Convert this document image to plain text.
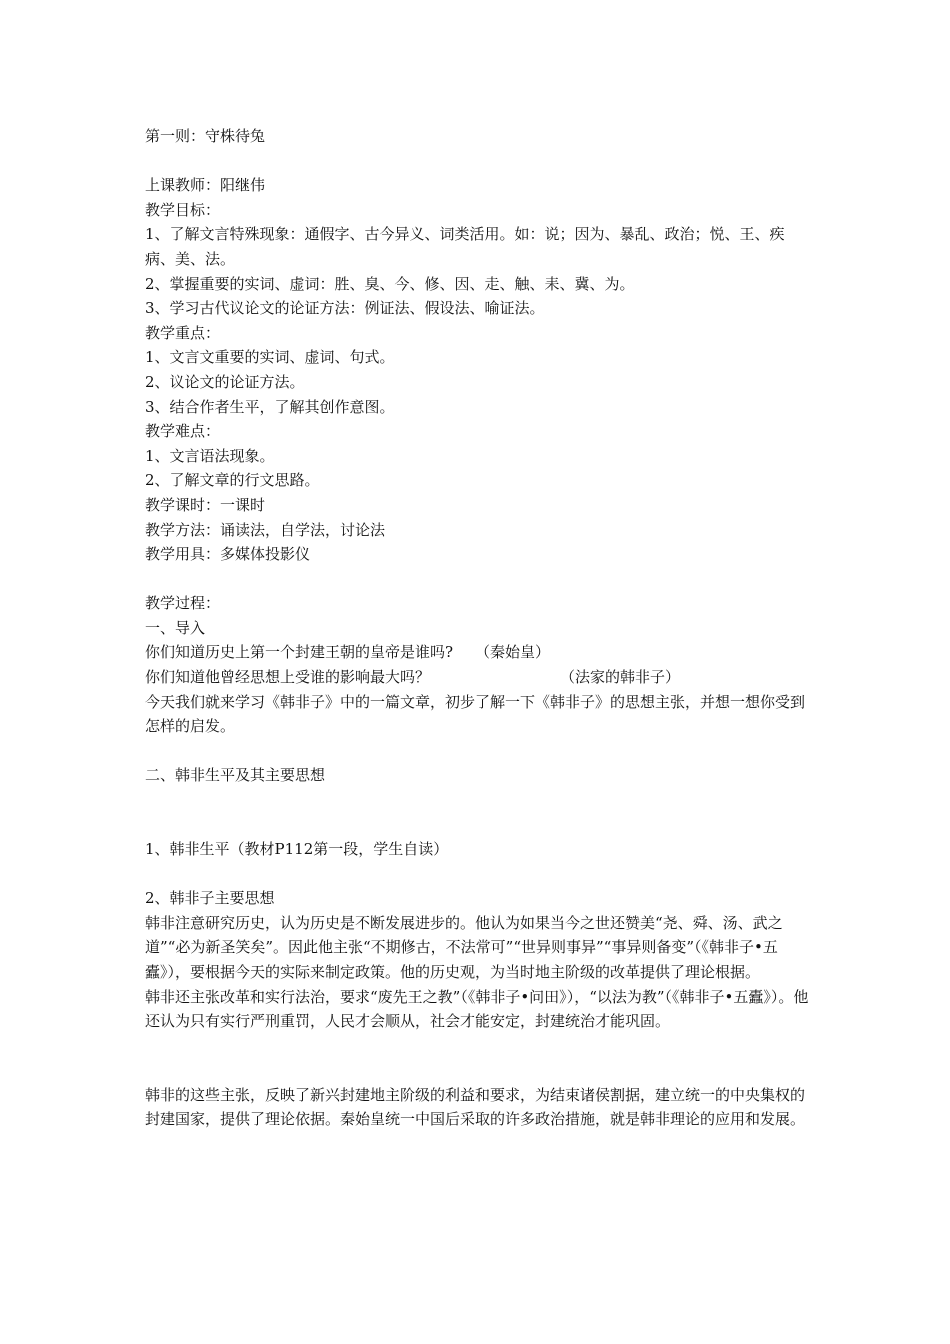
第一则：守株待兔

上课教师：阳继伟

教学目标：

1、了解文言特殊现象：通假字、古今异义、词类活用。如：说；因为、暴乱、政治；悦、王、疾病、美、法。

2、掌握重要的实词、虚词：胜、臭、今、修、因、走、触、耒、冀、为。

3、学习古代议论文的论证方法：例证法、假设法、喻证法。

教学重点：

1、文言文重要的实词、虚词、句式。

2、议论文的论证方法。

3、结合作者生平，了解其创作意图。

教学难点：

1、文言语法现象。

2、了解文章的行文思路。

教学课时：一课时

教学方法：诵读法，自学法，讨论法

教学用具：多媒体投影仪

教学过程：

一、导入

你们知道历史上第一个封建王朝的皇帝是谁吗? （秦始皇）

你们知道他曾经思想上受谁的影响最大吗？	（法家的韩非子）

今天我们就来学习《韩非子》中的一篇文章，初步了解一下《韩非子》的思想主张，并想一想你受到怎样的启发。

二、韩非生平及其主要思想

1、韩非生平（教材P112第一段，学生自读）

2、韩非子主要思想

韩非注意研究历史，认为历史是不断发展进步的。他认为如果当今之世还赞美“尧、舜、汤、武之道”“必为新圣笑矣”。因此他主张“不期修古，不法常可”“世异则事异”“事异则备变”（《韩非子•五蠹》），要根据今天的实际来制定政策。他的历史观，为当时地主阶级的改革提供了理论根据。

韩非还主张改革和实行法治，要求“废先王之教”（《韩非子•问田》），“以法为教”（《韩非子•五蠹》）。他还认为只有实行严刑重罚，人民才会顺从，社会才能安定，封建统治才能巩固。

韩非的这些主张，反映了新兴封建地主阶级的利益和要求，为结束诸侯割据，建立统一的中央集权的封建国家，提供了理论依据。秦始皇统一中国后采取的许多政治措施，就是韩非理论的应用和发展。
